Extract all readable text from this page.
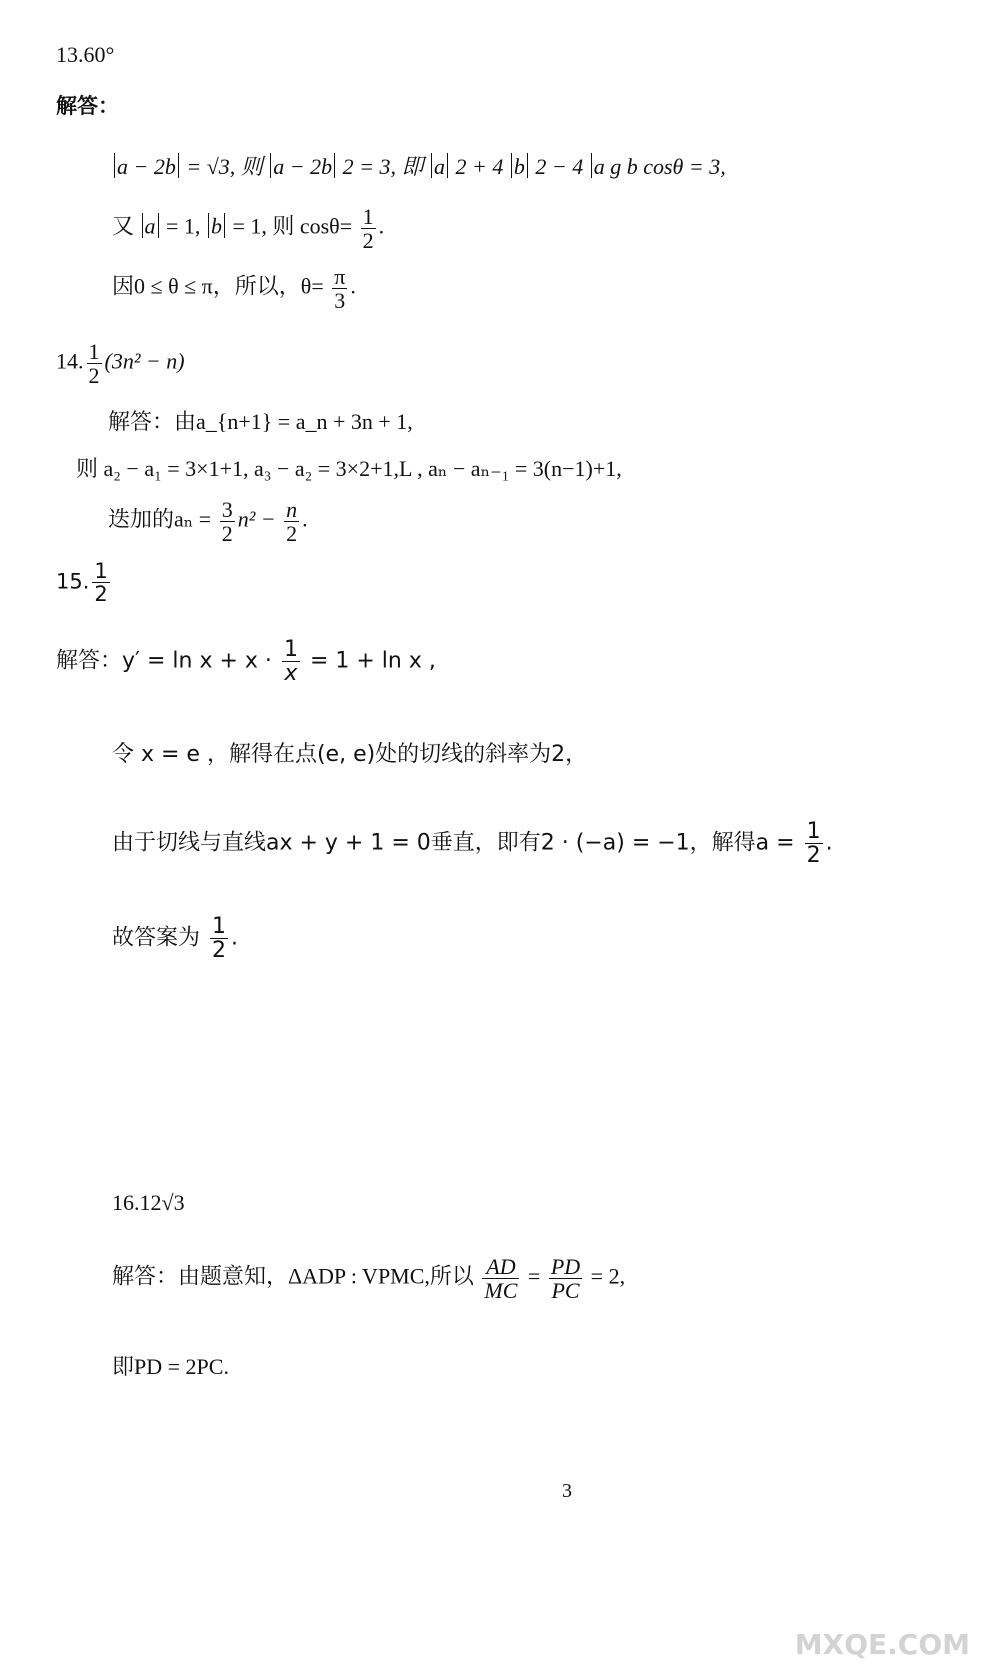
13.60°
解答：
a − 2b = √3, 则 a − 2b 2 = 3, 即 a 2 + 4 b 2 − 4 a g b cosθ = 3,
又 a = 1, b = 1, 则 $\cos\theta= \frac{1}{2}$ .
因0 ≤ θ ≤ π，所以，$\theta= \frac{\pi}{3}$ .
14. $\frac{1}{2} (3n^2 - n)$
解答：由a_{n+1} = a_n + 3n + 1,
则 a₂ − a₁ = 3×1+1, a₃ − a₂ = 3×2+1,L , aₙ − aₙ₋₁ = 3(n−1)+1,
迭加的$a_n = \frac{3}{2} n^2 - \frac{n}{2}$ .
15. $\frac{1}{2}$
解答：$y' = \ln x + x \cdot \frac{1}{x} = 1 + \ln x$ ,
令 x = e ，解得在点(e, e)处的切线的斜率为2，
由于切线与直线ax + y + 1 = 0垂直，即有2 · (−a) = −1，解得$a = \frac{1}{2}$ .
故答案为 $\frac{1}{2}$ .
16.12√3
解答：由题意知，ΔADP : VPMC,所以 $\frac{AD}{MC} = \frac{PD}{PC} = 2$,
即PD = 2PC.
3
MXQE.COM
